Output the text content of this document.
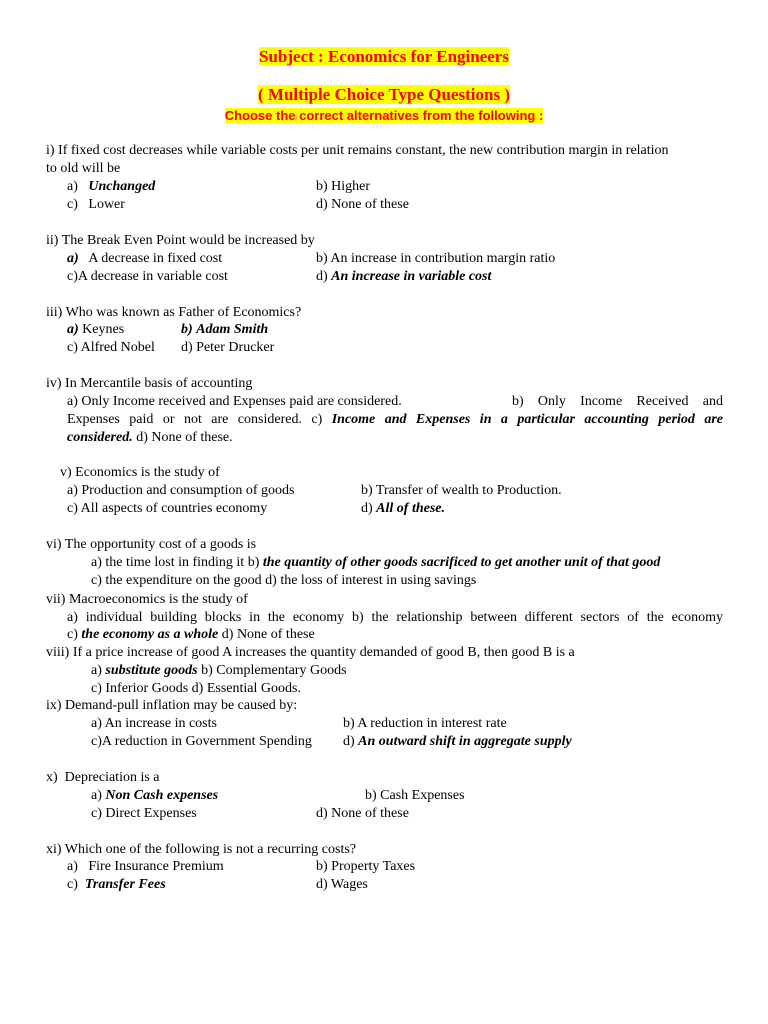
Subject : Economics for Engineers
( Multiple Choice Type Questions )
Choose the correct alternatives from the following :
i) If fixed cost decreases while variable costs per unit remains constant, the new contribution margin in relation
to old will be
a) Unchanged	b) Higher
c) Lower	d) None of these
ii) The Break Even Point would be increased by
a) A decrease in fixed cost	b) An increase in contribution margin ratio
c)A decrease in variable cost	d) An increase in variable cost
iii) Who was known as Father of Economics?
a) Keynes	b) Adam Smith
c) Alfred Nobel d) Peter Drucker
iv) In Mercantile basis of accounting
a) Only Income received and Expenses paid are considered.	b) Only Income Received and
Expenses paid or not are considered. c) Income and Expenses in a particular accounting period are
considered. d) None of these.
v) Economics is the study of
a) Production and consumption of goods	b) Transfer of wealth to Production.
c) All aspects of countries economy	d) All of these.
vi) The opportunity cost of a goods is
a) the time lost in finding it b) the quantity of other goods sacrificed to get another unit of that good
c) the expenditure on the good d) the loss of interest in using savings
vii) Macroeconomics is the study of
a) individual building blocks in the economy b) the relationship between different sectors of the economy
c) the economy as a whole d) None of these
viii) If a price increase of good A increases the quantity demanded of good B, then good B is a
a) substitute goods b) Complementary Goods
c) Inferior Goods d) Essential Goods.
ix) Demand-pull inflation may be caused by:
a) An increase in costs	b) A reduction in interest rate
c)A reduction in Government Spending d) An outward shift in aggregate supply
x)  Depreciation is a
a) Non Cash expenses	b) Cash Expenses
c) Direct Expenses	d) None of these
xi) Which one of the following is not a recurring costs?
a)   Fire Insurance Premium	b) Property Taxes
c) Transfer Fees	d) Wages
